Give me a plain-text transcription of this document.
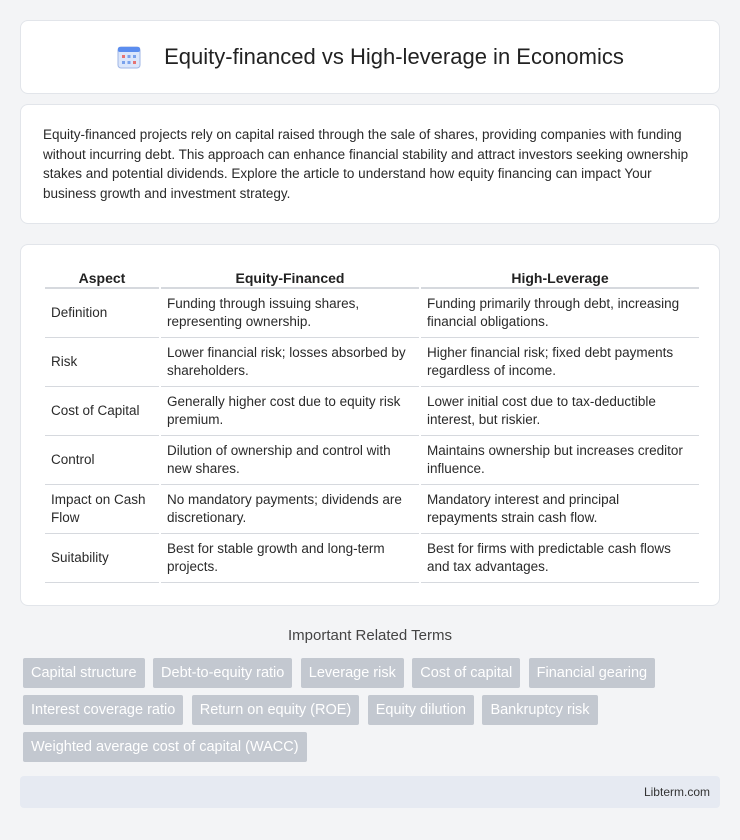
Equity-financed vs High-leverage in Economics

Equity-financed projects rely on capital raised through the sale of shares, providing companies with funding without incurring debt. This approach can enhance financial stability and attract investors seeking ownership stakes and potential dividends. Explore the article to understand how equity financing can impact Your business growth and investment strategy.

Aspect	Equity-Financed	High-Leverage
Definition	Funding through issuing shares, representing ownership.	Funding primarily through debt, increasing financial obligations.
Risk	Lower financial risk; losses absorbed by shareholders.	Higher financial risk; fixed debt payments regardless of income.
Cost of Capital	Generally higher cost due to equity risk premium.	Lower initial cost due to tax-deductible interest, but riskier.
Control	Dilution of ownership and control with new shares.	Maintains ownership but increases creditor influence.
Impact on Cash Flow	No mandatory payments; dividends are discretionary.	Mandatory interest and principal repayments strain cash flow.
Suitability	Best for stable growth and long-term projects.	Best for firms with predictable cash flows and tax advantages.
Important Related Terms
Capital structure Debt-to-equity ratio Leverage risk Cost of capital Financial gearing Interest coverage ratio Return on equity (ROE) Equity dilution Bankruptcy risk Weighted average cost of capital (WACC)
Libterm.com
